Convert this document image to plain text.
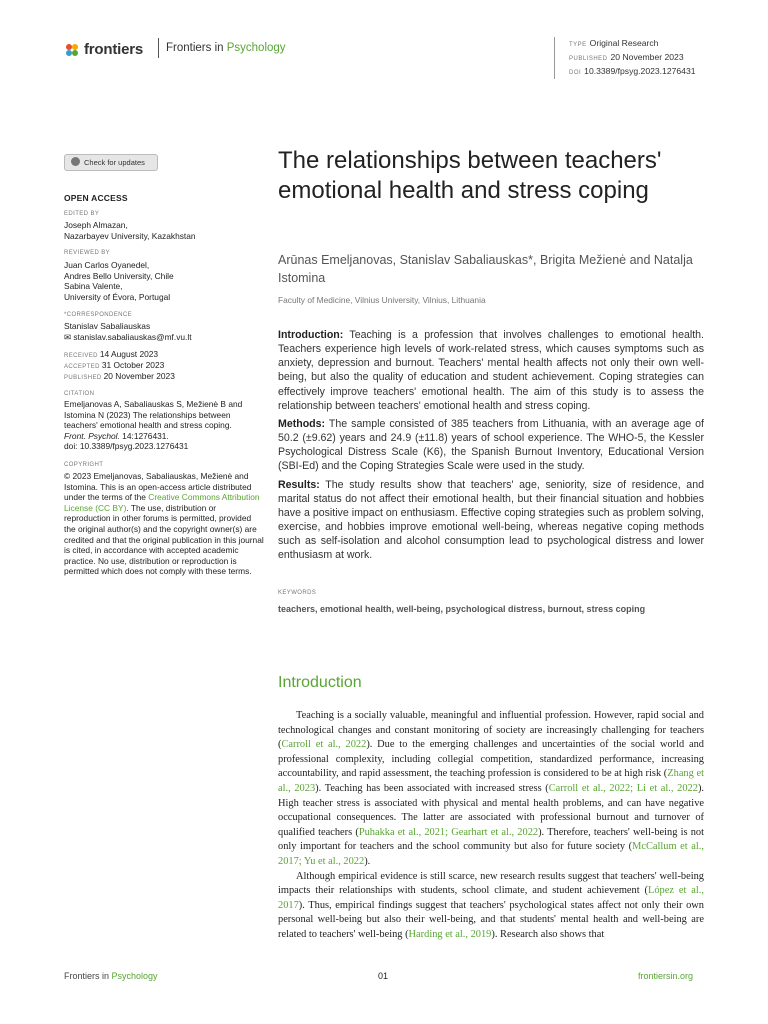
frontiers	Frontiers in Psychology	TYPE Original Research
PUBLISHED 20 November 2023
DOI 10.3389/fpsyg.2023.1276431
Check for updates
OPEN ACCESS
EDITED BY
Joseph Almazan,
Nazarbayev University, Kazakhstan
REVIEWED BY
Juan Carlos Oyanedel,
Andres Bello University, Chile
Sabina Valente,
University of Évora, Portugal
*CORRESPONDENCE
Stanislav Sabaliauskas
✉ stanislav.sabaliauskas@mf.vu.lt
RECEIVED 14 August 2023
ACCEPTED 31 October 2023
PUBLISHED 20 November 2023
CITATION
Emeljanovas A, Sabaliauskas S, Mežienė B and Istomina N (2023) The relationships between teachers' emotional health and stress coping.
Front. Psychol. 14:1276431.
doi: 10.3389/fpsyg.2023.1276431
COPYRIGHT
© 2023 Emeljanovas, Sabaliauskas, Mežienė and Istomina. This is an open-access article distributed under the terms of the Creative Commons Attribution License (CC BY). The use, distribution or reproduction in other forums is permitted, provided the original author(s) and the copyright owner(s) are credited and that the original publication in this journal is cited, in accordance with accepted academic practice. No use, distribution or reproduction is permitted which does not comply with these terms.
The relationships between teachers' emotional health and stress coping
Arūnas Emeljanovas, Stanislav Sabaliauskas*, Brigita Mežienė and Natalja Istomina
Faculty of Medicine, Vilnius University, Vilnius, Lithuania

Introduction: Teaching is a profession that involves challenges to emotional health. Teachers experience high levels of work-related stress, which causes symptoms such as anxiety, depression and burnout. Teachers' mental health affects not only their own well-being, but also the quality of education and student achievement. Coping strategies can effectively improve teachers' emotional health. The aim of this study is to assess the relationship between teachers' emotional health and stress coping.

Methods: The sample consisted of 385 teachers from Lithuania, with an average age of 50.2 (±9.62) years and 24.9 (±11.8) years of school experience. The WHO-5, the Kessler Psychological Distress Scale (K6), the Spanish Burnout Inventory, Educational Version (SBI-Ed) and the Coping Strategies Scale were used in the study.

Results: The study results show that teachers' age, seniority, size of residence, and marital status do not affect their emotional health, but their financial situation and hobbies have a positive impact on enthusiasm. Effective coping strategies such as problem solving, exercise, and hobbies improve emotional well-being, whereas negative coping methods such as self-isolation and alcohol consumption lead to psychological distress and lower enthusiasm at work.

KEYWORDS
teachers, emotional health, well-being, psychological distress, burnout, stress coping
Introduction

Teaching is a socially valuable, meaningful and influential profession. However, rapid social and technological changes and constant monitoring of society are increasingly challenging for teachers (Carroll et al., 2022). Due to the emerging challenges and uncertainties of the social world and professional complexity, including collegial competition, standardized performance, increasing accountability, and rapid assessment, the teaching profession is considered to be at high risk (Zhang et al., 2023). Teaching has been associated with increased stress (Carroll et al., 2022; Li et al., 2022). High teacher stress is associated with physical and mental health problems, and can have negative occupational consequences. The latter are associated with professional burnout and turnover of qualified teachers (Puhakka et al., 2021; Gearhart et al., 2022). Therefore, teachers' well-being is not only important for teachers and the school community but also for future society (McCallum et al., 2017; Yu et al., 2022).

Although empirical evidence is still scarce, new research results suggest that teachers' well-being impacts their relationships with students, school climate, and student achievement (López et al., 2017). Thus, empirical findings suggest that teachers' psychological states affect not only their own personal well-being but also their well-being, and that students' mental health and well-being are related to teachers' well-being (Harding et al., 2019). Research also shows that

Frontiers in Psychology	01	frontiersin.org
